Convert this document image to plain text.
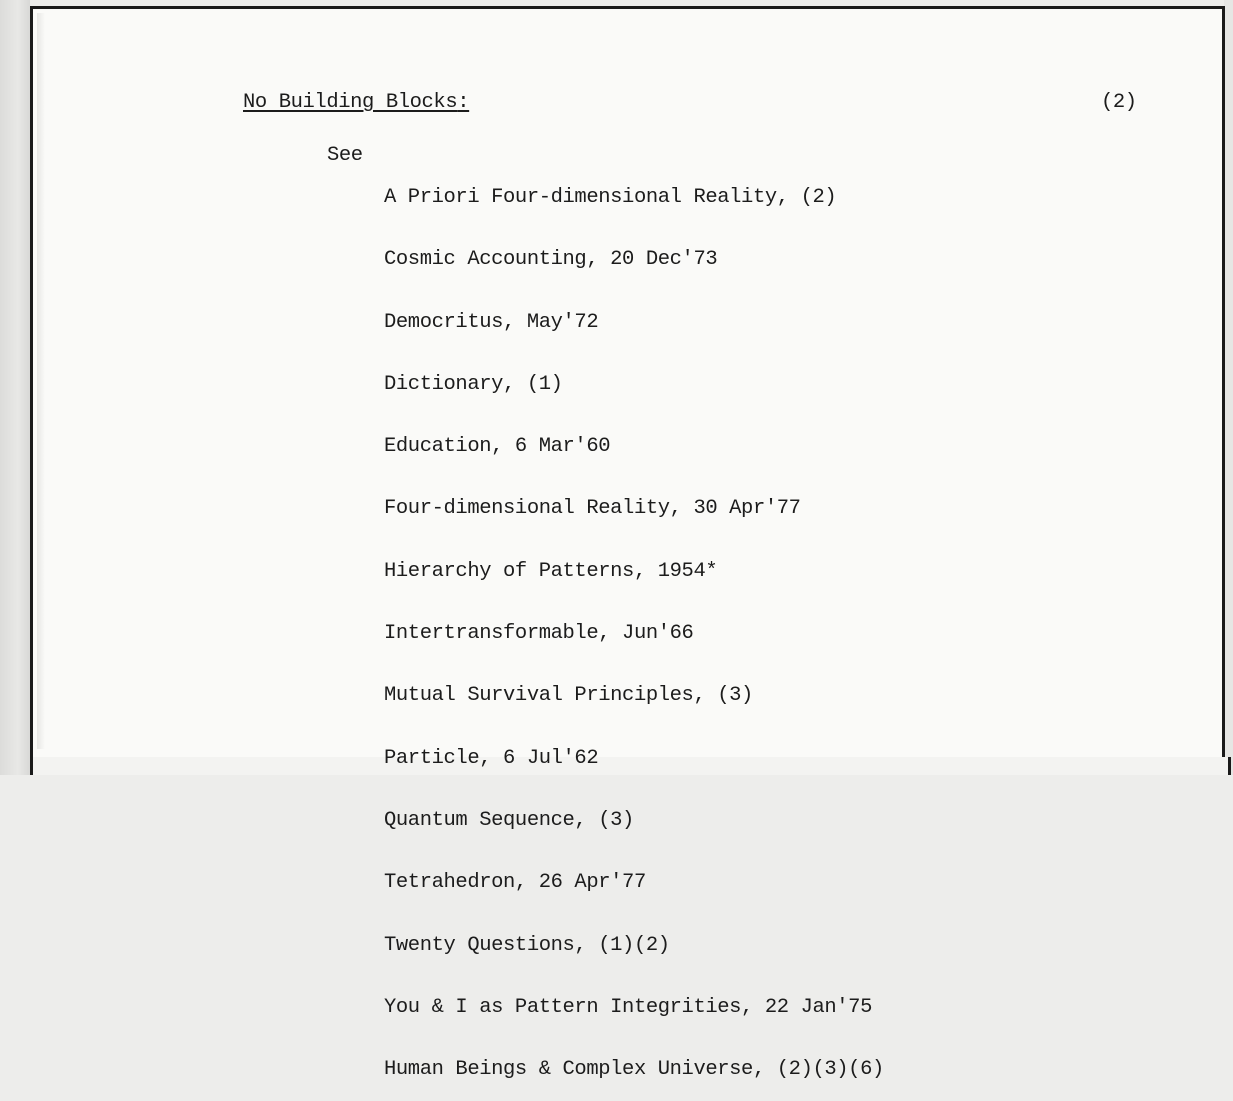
No Building Blocks:	(2)
See

A Priori Four-dimensional Reality, (2)

Cosmic Accounting, 20 Dec'73

Democritus, May'72

Dictionary, (1)

Education, 6 Mar'60

Four-dimensional Reality, 30 Apr'77

Hierarchy of Patterns, 1954*

Intertransformable, Jun'66

Mutual Survival Principles, (3)

Particle, 6 Jul'62

Quantum Sequence, (3)

Tetrahedron, 26 Apr'77

Twenty Questions, (1)(2)

You & I as Pattern Integrities, 22 Jan'75

Human Beings & Complex Universe, (2)(3)(6)
